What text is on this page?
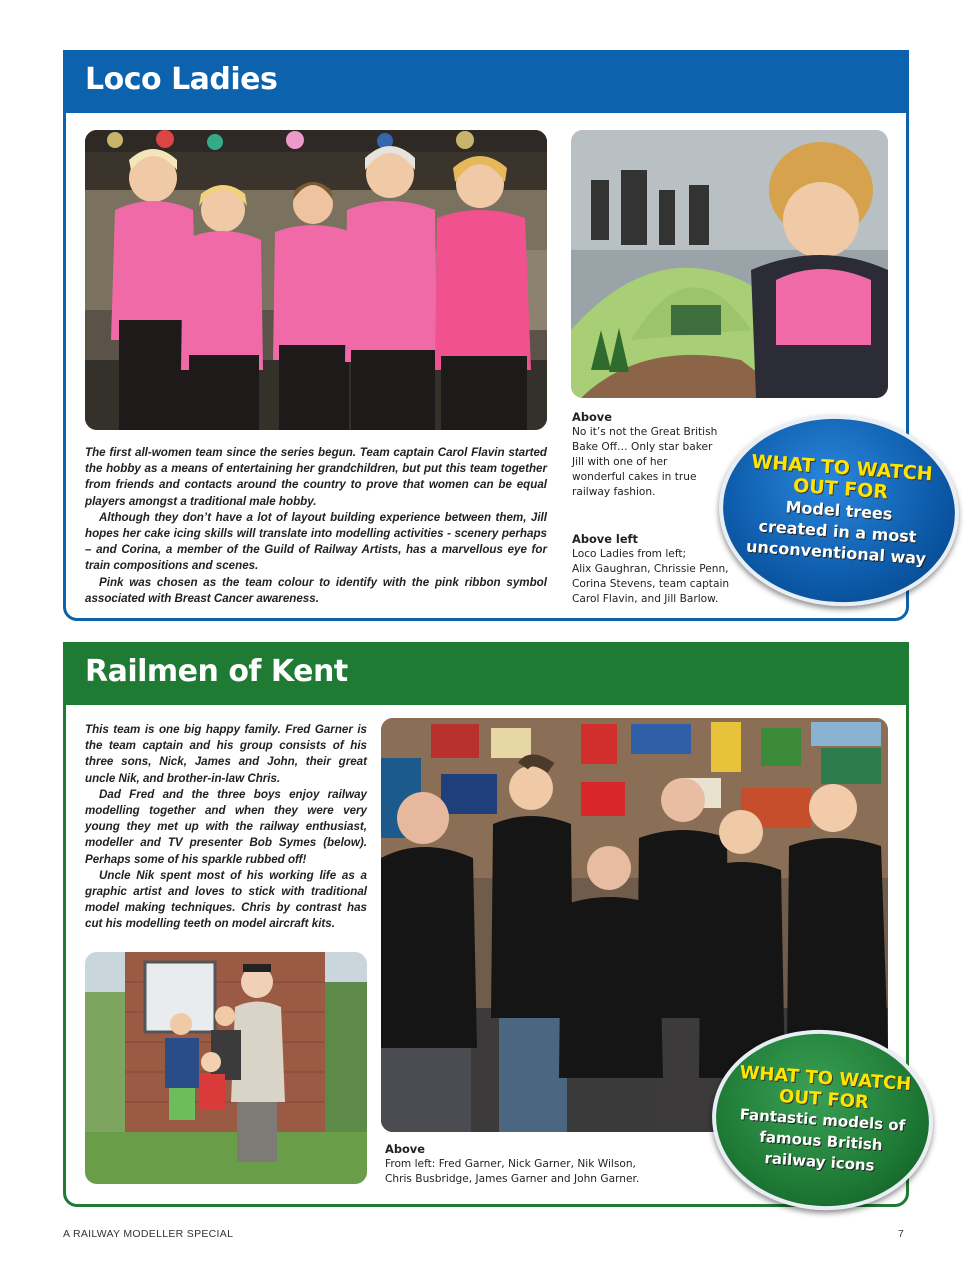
Loco Ladies

The first all-women team since the series begun. Team captain Carol Flavin started the hobby as a means of entertaining her grandchildren, but put this team together from friends and contacts around the country to prove that women can be equal players amongst a traditional male hobby.

Although they don’t have a lot of layout building experience between them, Jill hopes her cake icing skills will translate into modelling activities - scenery perhaps – and Corina, a member of the Guild of Railway Artists, has a marvellous eye for train compositions and scenes.

Pink was chosen as the team colour to identify with the pink ribbon symbol associated with Breast Cancer awareness.

Above
No it’s not the Great British Bake Off… Only star baker Jill with one of her wonderful cakes in true railway fashion.
Above left
Loco Ladies from left;
Alix Gaughran, Chrissie Penn, Corina Stevens, team captain Carol Flavin, and Jill Barlow.
WHAT TO WATCH
OUT FOR
Model trees
created in a most
unconventional way
Railmen of Kent

This team is one big happy family. Fred Garner is the team captain and his group consists of his three sons, Nick, James and John, their great uncle Nik, and brother-in-law Chris.

Dad Fred and the three boys enjoy railway modelling together and when they were very young they met up with the railway enthusiast, modeller and TV presenter Bob Symes (below). Perhaps some of his sparkle rubbed off!

Uncle Nik spent most of his working life as a graphic artist and loves to stick with traditional model making techniques. Chris by contrast has cut his modelling teeth on model aircraft kits.

Above
From left: Fred Garner, Nick Garner, Nik Wilson,
Chris Busbridge, James Garner and John Garner.
WHAT TO WATCH
OUT FOR
Fantastic models of
famous British
railway icons
A RAILWAY MODELLER SPECIAL	7
